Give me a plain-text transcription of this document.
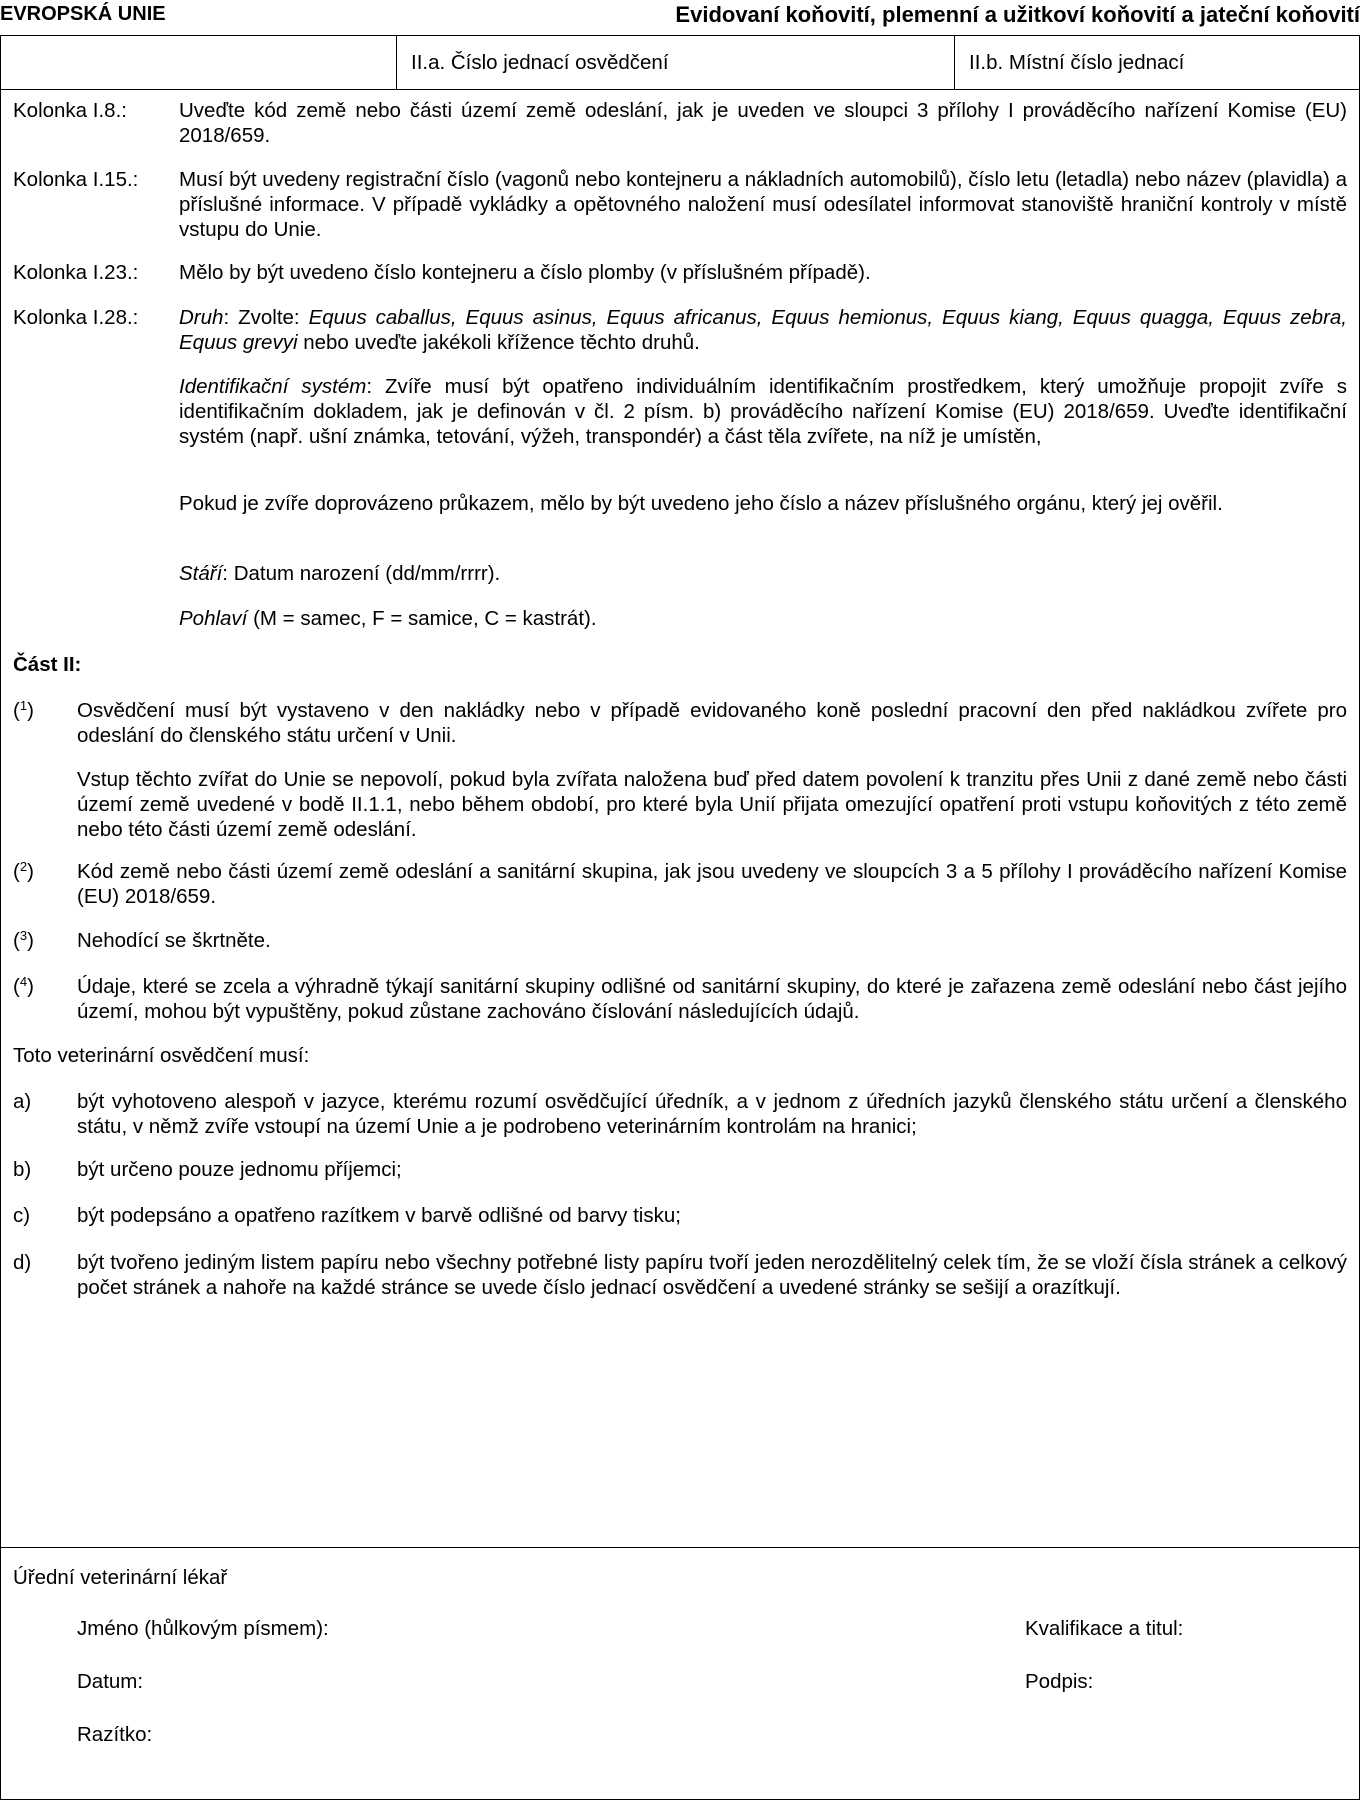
EVROPSKÁ UNIE	Evidovaní koňovití, plemenní a užitkoví koňovití a jateční koňovití
II.a. Číslo jednací osvědčení	II.b. Místní číslo jednací
Kolonka I.8.:	Uveďte kód země nebo části území země odeslání, jak je uveden ve sloupci 3 přílohy I prováděcího nařízení Komise (EU) 2018/659.
Kolonka I.15.: Musí být uvedeny registrační číslo (vagonů nebo kontejneru a nákladních automobilů), číslo letu (letadla) nebo název (plavidla) a příslušné informace. V případě vykládky a opětovného naložení musí odesílatel informovat stanoviště hraniční kontroly v místě vstupu do Unie.
Kolonka I.23.: Mělo by být uvedeno číslo kontejneru a číslo plomby (v příslušném případě).
Kolonka I.28.: Druh: Zvolte: Equus caballus, Equus asinus, Equus africanus, Equus hemionus, Equus kiang, Equus quagga, Equus zebra, Equus grevyi nebo uveďte jakékoli křížence těchto druhů.
Identifikační systém: Zvíře musí být opatřeno individuálním identifikačním prostředkem, který umožňuje propojit zvíře s identifikačním dokladem, jak je definován v čl. 2 písm. b) prováděcího nařízení Komise (EU) 2018/659. Uveďte identifikační systém (např. ušní známka, tetování, výžeh, transpondér) a část těla zvířete, na níž je umístěn,
Pokud je zvíře doprovázeno průkazem, mělo by být uvedeno jeho číslo a název příslušného orgánu, který jej ověřil.
Stáří: Datum narození (dd/mm/rrrr).
Pohlaví (M = samec, F = samice, C = kastrát).
Část II:
($^1$) Osvědčení musí být vystaveno v den nakládky nebo v případě evidovaného koně poslední pracovní den před nakládkou zvířete pro odeslání do členského státu určení v Unii.
Vstup těchto zvířat do Unie se nepovolí, pokud byla zvířata naložena buď před datem povolení k tranzitu přes Unii z dané země nebo části území země uvedené v bodě II.1.1, nebo během období, pro které byla Unií přijata omezující opatření proti vstupu koňovitých z této země nebo této části území země odeslání.
($^2$) Kód země nebo části území země odeslání a sanitární skupina, jak jsou uvedeny ve sloupcích 3 a 5 přílohy I prováděcího nařízení Komise (EU) 2018/659.
($^3$) Nehodící se škrtněte.
($^4$) Údaje, které se zcela a výhradně týkají sanitární skupiny odlišné od sanitární skupiny, do které je zařazena země odeslání nebo část jejího území, mohou být vypuštěny, pokud zůstane zachováno číslování následujících údajů.
Toto veterinární osvědčení musí:
a) být vyhotoveno alespoň v jazyce, kterému rozumí osvědčující úředník, a v jednom z úředních jazyků členského státu určení a členského státu, v němž zvíře vstoupí na území Unie a je podrobeno veterinárním kontrolám na hranici;
b) být určeno pouze jednomu příjemci;
c) být podepsáno a opatřeno razítkem v barvě odlišné od barvy tisku;
d) být tvořeno jediným listem papíru nebo všechny potřebné listy papíru tvoří jeden nerozdělitelný celek tím, že se vloží čísla stránek a celkový počet stránek a nahoře na každé stránce se uvede číslo jednací osvědčení a uvedené stránky se sešijí a orazítkují.
Úřední veterinární lékař
Jméno (hůlkovým písmem):	Kvalifikace a titul:
Datum:	Podpis:
Razítko:
